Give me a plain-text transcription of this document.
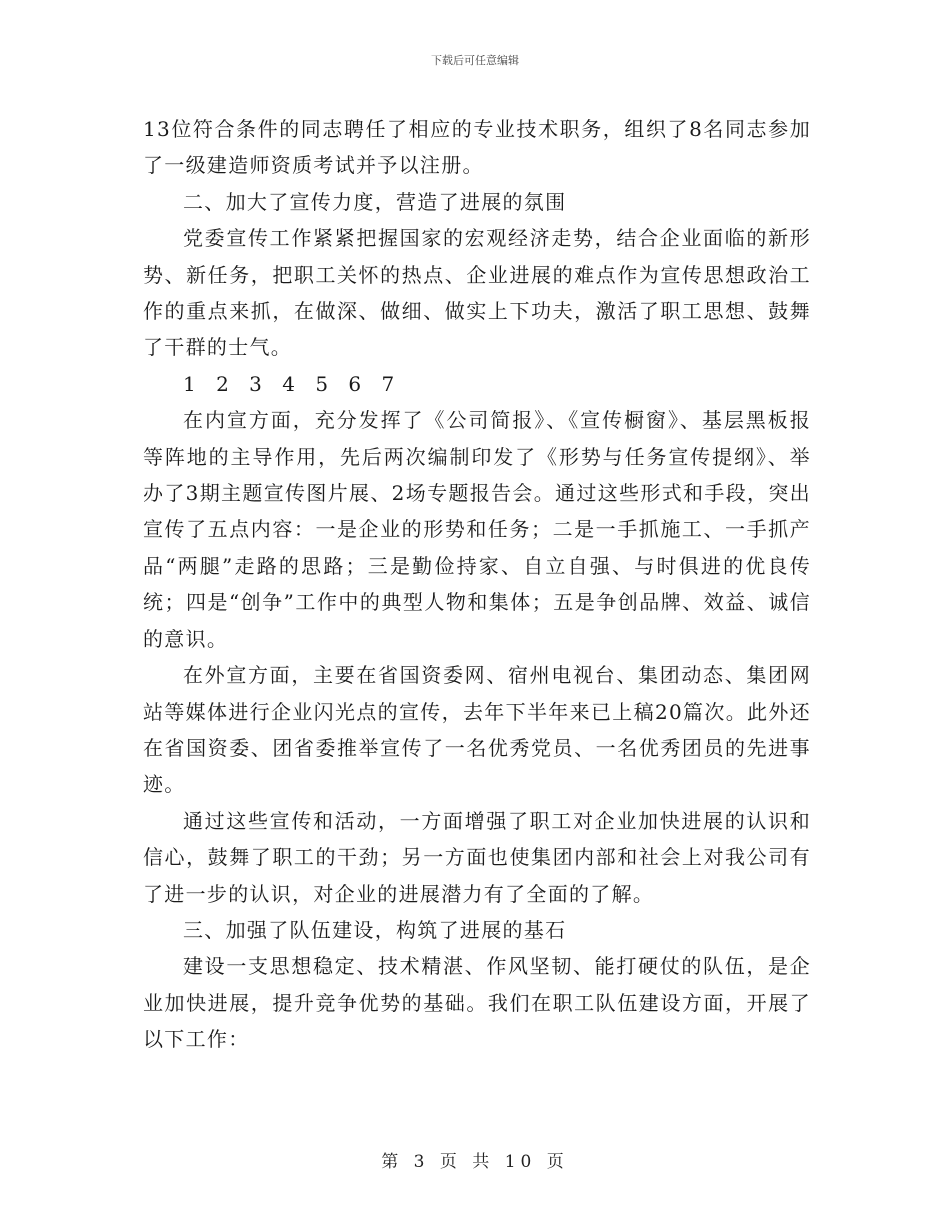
下载后可任意编辑

13位符合条件的同志聘任了相应的专业技术职务，组织了8名同志参加了一级建造师资质考试并予以注册。

二、加大了宣传力度，营造了进展的氛围

党委宣传工作紧紧把握国家的宏观经济走势，结合企业面临的新形势、新任务，把职工关怀的热点、企业进展的难点作为宣传思想政治工作的重点来抓，在做深、做细、做实上下功夫，激活了职工思想、鼓舞了干群的士气。

1 2 3 4 5 6 7

在内宣方面，充分发挥了《公司简报》、《宣传橱窗》、基层黑板报等阵地的主导作用，先后两次编制印发了《形势与任务宣传提纲》、举办了3期主题宣传图片展、2场专题报告会。通过这些形式和手段，突出宣传了五点内容：一是企业的形势和任务；二是一手抓施工、一手抓产品“两腿”走路的思路；三是勤俭持家、自立自强、与时俱进的优良传统；四是“创争”工作中的典型人物和集体；五是争创品牌、效益、诚信的意识。

在外宣方面，主要在省国资委网、宿州电视台、集团动态、集团网站等媒体进行企业闪光点的宣传，去年下半年来已上稿20篇次。此外还在省国资委、团省委推举宣传了一名优秀党员、一名优秀团员的先进事迹。

通过这些宣传和活动，一方面增强了职工对企业加快进展的认识和信心，鼓舞了职工的干劲；另一方面也使集团内部和社会上对我公司有了进一步的认识，对企业的进展潜力有了全面的了解。

三、加强了队伍建设，构筑了进展的基石

建设一支思想稳定、技术精湛、作风坚韧、能打硬仗的队伍，是企业加快进展，提升竞争优势的基础。我们在职工队伍建设方面，开展了以下工作：

第 3 页 共 10 页
